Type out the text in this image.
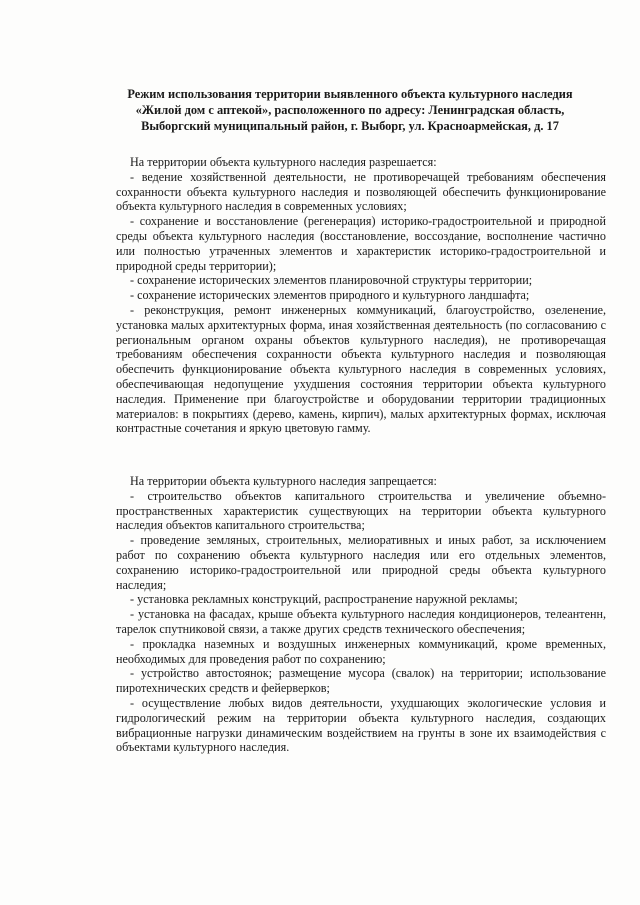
Режим использования территории выявленного объекта культурного наследия
«Жилой дом с аптекой», расположенного по адресу: Ленинградская область,
Выборгский муниципальный район, г. Выборг, ул. Красноармейская, д. 17

На территории объекта культурного наследия разрешается:

- ведение хозяйственной деятельности, не противоречащей требованиям обеспечения сохранности объекта культурного наследия и позволяющей обеспечить функционирование объекта культурного наследия в современных условиях;

- сохранение и восстановление (регенерация) историко-градостроительной и природной среды объекта культурного наследия (восстановление, воссоздание, восполнение частично или полностью утраченных элементов и характеристик историко-градостроительной и природной среды территории);

- сохранение исторических элементов планировочной структуры территории;

- сохранение исторических элементов природного и культурного ландшафта;

- реконструкция, ремонт инженерных коммуникаций, благоустройство, озеленение, установка малых архитектурных форма, иная хозяйственная деятельность (по согласованию с региональным органом охраны объектов культурного наследия), не противоречащая требованиям обеспечения сохранности объекта культурного наследия и позволяющая обеспечить функционирование объекта культурного наследия в современных условиях, обеспечивающая недопущение ухудшения состояния территории объекта культурного наследия. Применение при благоустройстве и оборудовании территории традиционных материалов: в покрытиях (дерево, камень, кирпич), малых архитектурных формах, исключая контрастные сочетания и яркую цветовую гамму.

На территории объекта культурного наследия запрещается:

- строительство объектов капитального строительства и увеличение объемно-пространственных характеристик существующих на территории объекта культурного наследия объектов капитального строительства;

- проведение земляных, строительных, мелиоративных и иных работ, за исключением работ по сохранению объекта культурного наследия или его отдельных элементов, сохранению историко-градостроительной или природной среды объекта культурного наследия;

- установка рекламных конструкций, распространение наружной рекламы;

- установка на фасадах, крыше объекта культурного наследия кондиционеров, телеантенн, тарелок спутниковой связи, а также других средств технического обеспечения;

- прокладка наземных и воздушных инженерных коммуникаций, кроме временных, необходимых для проведения работ по сохранению;

- устройство автостоянок; размещение мусора (свалок) на территории; использование пиротехнических средств и фейерверков;

- осуществление любых видов деятельности, ухудшающих экологические условия и гидрологический режим на территории объекта культурного наследия, создающих вибрационные нагрузки динамическим воздействием на грунты в зоне их взаимодействия с объектами культурного наследия.
